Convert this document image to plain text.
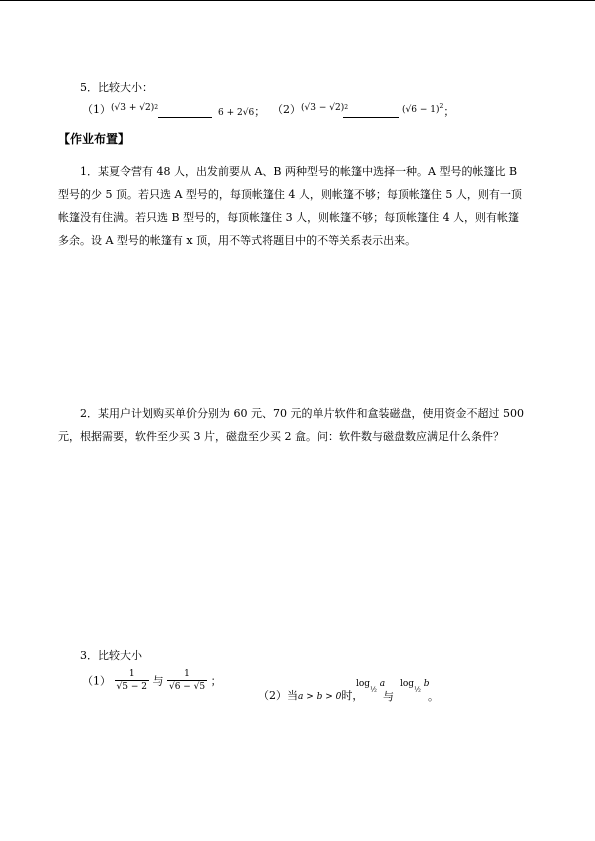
5．比较大小：
$(1)^{(√3 + √2)2}$
6 + 2√6； $(2)^{(√3 - √2)2}$	$(√6 - 1)^2$；
【作业布置】
1．某夏令营有 48 人，出发前要从 A、B 两种型号的帐篷中选择一种。A 型号的帐篷比 B 型号的少 5 顶。若只选 A 型号的，每顶帐篷住 4 人，则帐篷不够；每顶帐篷住 5 人，则有一顶帐篷没有住满。若只选 B 型号的，每顶帐篷住 3 人，则帐篷不够；每顶帐篷住 4 人，则有帐篷多余。设 A 型号的帐篷有 x 顶，用不等式将题目中的不等关系表示出来。
2．某用户计划购买单价分别为 60 元、70 元的单片软件和盒装磁盘，使用资金不超过 500 元，根据需要，软件至少买 3 片，磁盘至少买 2 盒。问：软件数与磁盘数应满足什么条件？
3．比较大小
$(1) \frac{1}{√5 - 2}$ 与 $\frac{1}{√6 - √5}$ ；
（2）当a > b > 0时，
$\log_{\frac{1}{2}} a$
与
$\log_{\frac{1}{2}} b$
。
